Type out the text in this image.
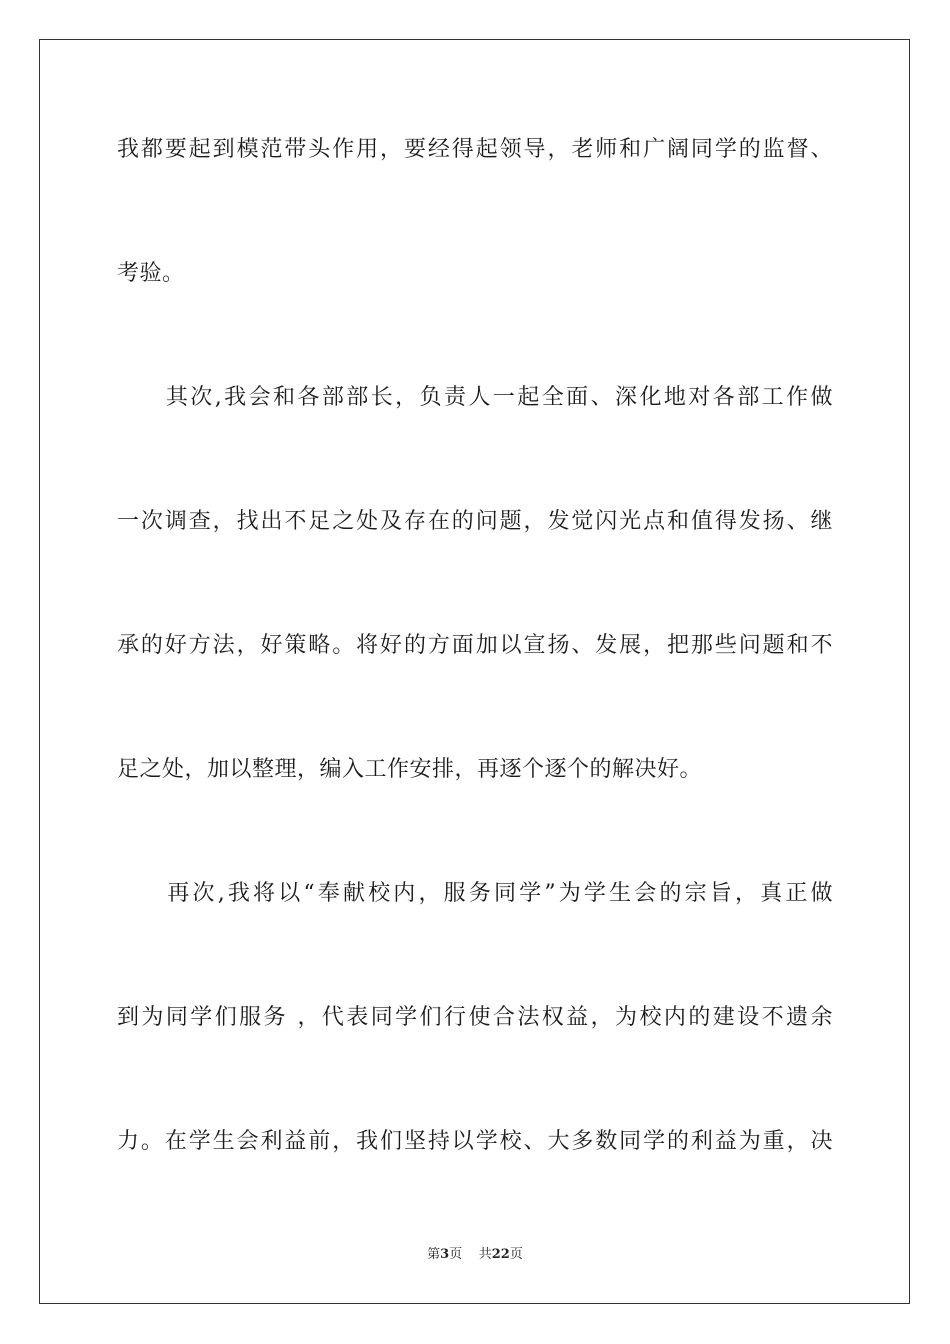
我都要起到模范带头作用，要经得起领导，老师和广阔同学的监督、
考验。
　　其次,我会和各部部长，负责人一起全面、深化地对各部工作做
一次调查，找出不足之处及存在的问题，发觉闪光点和值得发扬、继
承的好方法，好策略。将好的方面加以宣扬、发展，把那些问题和不
足之处，加以整理，编入工作安排，再逐个逐个的解决好。
　　再次,我将以“奉献校内，服务同学”为学生会的宗旨，真正做
到为同学们服务 ，代表同学们行使合法权益，为校内的建设不遗余
力。在学生会利益前，我们坚持以学校、大多数同学的利益为重，决
第3页 共22页
